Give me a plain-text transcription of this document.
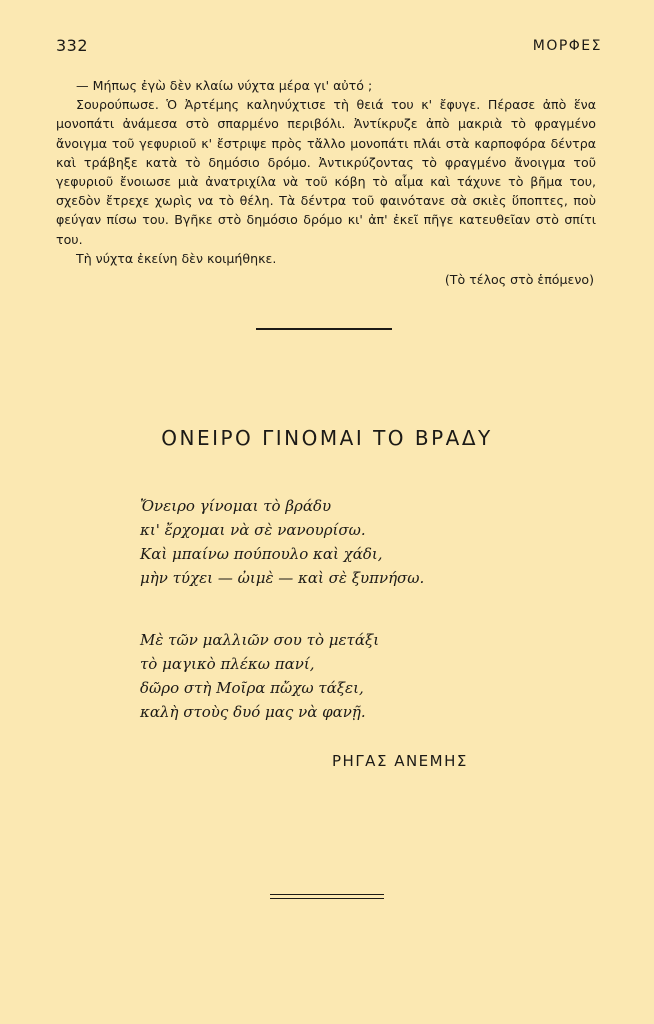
332	ΜΟΡΦΕΣ

— Μήπως ἐγὼ δὲν κλαίω νύχτα μέρα γι' αὐτό ;

Σουρούπωσε. Ὁ Ἀρτέμης καληνύχτισε τὴ θειά του κ' ἔφυγε. Πέρασε ἀπὸ ἕνα μονοπάτι ἀνάμεσα στὸ σπαρμένο περιβόλι. Ἀντίκρυζε ἀπὸ μακριὰ τὸ φραγμένο ἄνοιγμα τοῦ γεφυριοῦ κ' ἔστριψε πρὸς τἄλλο μονοπάτι πλάι στὰ καρποφόρα δέντρα καὶ τράβηξε κατὰ τὸ δημόσιο δρόμο. Ἀντικρύζοντας τὸ φραγμένο ἄνοιγμα τοῦ γεφυριοῦ ἔνοιωσε μιὰ ἀνατριχίλα νὰ τοῦ κόβη τὸ αἷμα καὶ τάχυνε τὸ βῆμα του, σχεδὸν ἔτρεχε χωρὶς να τὸ θέλη. Τὰ δέντρα τοῦ φαινότανε σὰ σκιὲς ὕποπτες, ποὺ φεύγαν πίσω του. Βγῆκε στὸ δημόσιο δρόμο κι' ἀπ' ἐκεῖ πῆγε κατευθεῖαν στὸ σπίτι του.

Τὴ νύχτα ἐκείνη δὲν κοιμήθηκε.

(Τὸ τέλος στὸ ἑπόμενο)
ΟΝΕΙΡΟ ΓΙΝΟΜΑΙ ΤΟ ΒΡΑΔΥ
Ὄνειρο γίνομαι τὸ βράδυ
κι' ἔρχομαι νὰ σὲ νανουρίσω.
Καὶ μπαίνω πούπουλο καὶ χάδι,
μὴν τύχει — ὠιμὲ — καὶ σὲ ξυπνήσω.
Μὲ τῶν μαλλιῶν σου τὸ μετάξι
τὸ μαγικὸ πλέκω πανί,
δῶρο στὴ Μοῖρα πὤχω τάξει,
καλὴ στοὺς δυό μας νὰ φανῇ.
ΡΗΓΑΣ ΑΝΕΜΗΣ
